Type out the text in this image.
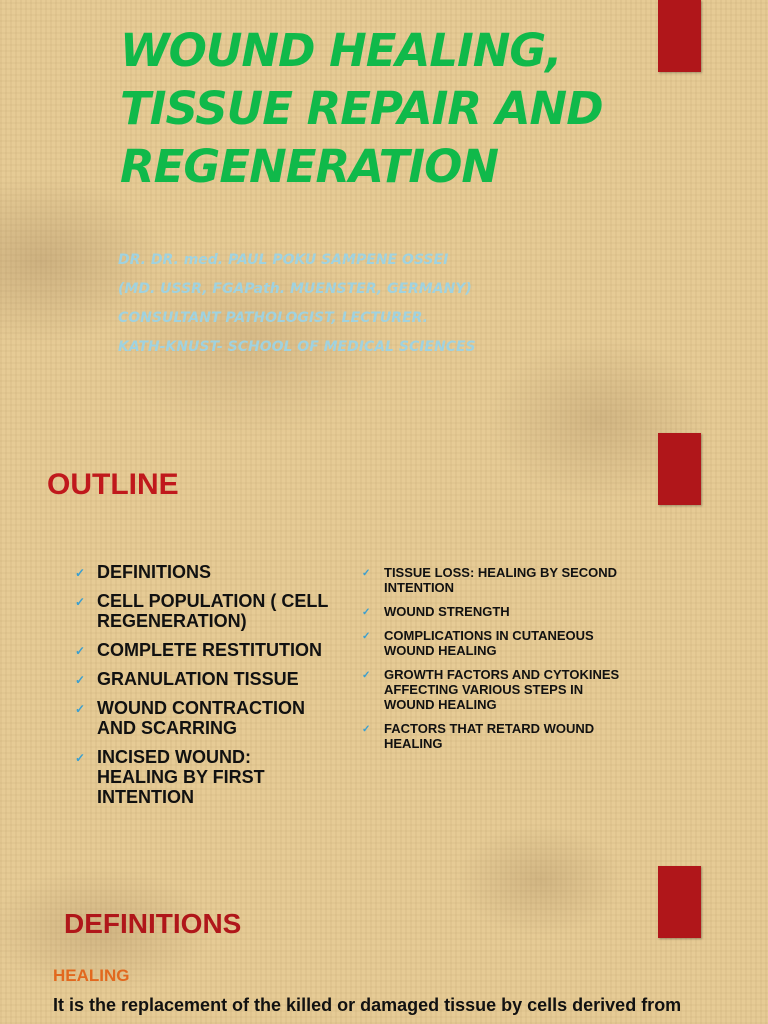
WOUND HEALING,
TISSUE REPAIR AND
REGENERATION
DR. DR. med. PAUL POKU SAMPENE OSSEI
(MD. USSR, FGAPath. MUENSTER, GERMANY)
CONSULTANT PATHOLOGIST, LECTURER.
KATH-KNUST- SCHOOL OF MEDICAL SCIENCES
OUTLINE
✓ DEFINITIONS
✓ CELL POPULATION ( CELL REGENERATION)
✓ COMPLETE RESTITUTION
✓ GRANULATION TISSUE
✓ WOUND CONTRACTION AND SCARRING
✓ INCISED WOUND: HEALING BY FIRST INTENTION
✓ TISSUE LOSS: HEALING BY SECOND INTENTION
✓ WOUND STRENGTH
✓ COMPLICATIONS IN CUTANEOUS WOUND HEALING
✓ GROWTH FACTORS AND CYTOKINES AFFECTING VARIOUS STEPS IN WOUND HEALING
✓ FACTORS THAT RETARD WOUND HEALING
DEFINITIONS
HEALING

It is the replacement of the killed or damaged tissue by cells derived from
